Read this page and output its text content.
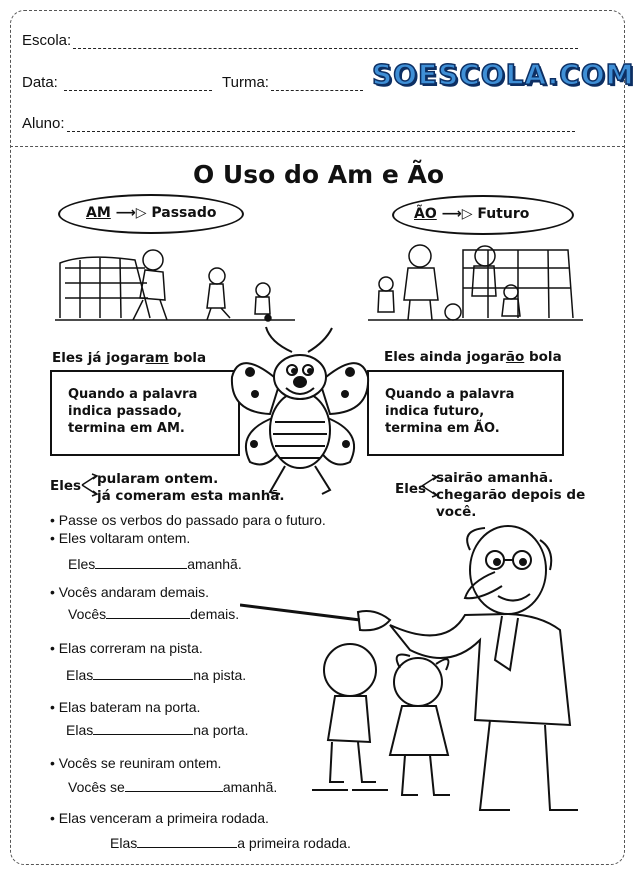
Escola:
Data:	Turma:	SOESCOLA.COM
Aluno:
O Uso do Am e Ão
AM ⟶▷ Passado	ÃO ⟶▷ Futuro
Eles já jogaram bola	Eles ainda jogarão bola
Quando a palavra
indica passado,
termina em AM.
Quando a palavra
indica futuro,
termina em ÃO.
Eles pularam ontem.
já comeram esta manhã.	Eles
sairão amanhã.
chegarão depois de
você.
• Passe os verbos do passado para o futuro.
• Eles voltaram ontem.
Eles	amanhã.
• Vocês andaram demais.
Vocês	demais.
• Elas correram na pista.
Elas	na pista.
• Elas bateram na porta.
Elas	na porta.
• Vocês se reuniram ontem.
Vocês se	amanhã.
• Elas venceram a primeira rodada.
Elas	a primeira rodada.
